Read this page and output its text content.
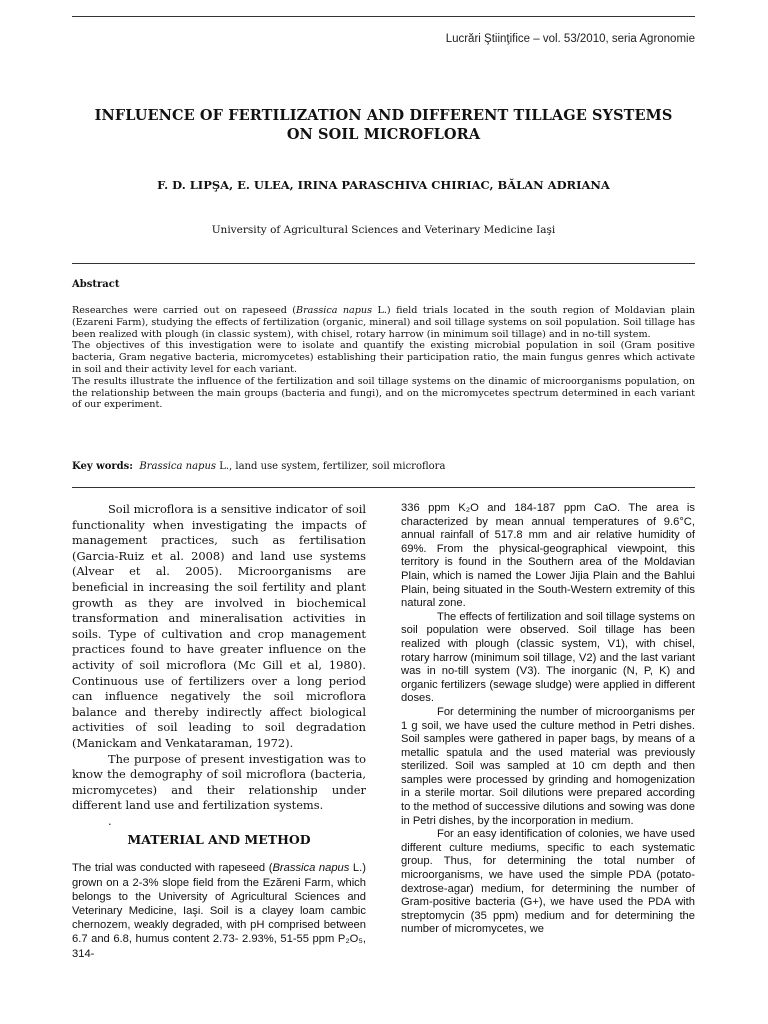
Lucrări Ştiinţifice – vol. 53/2010, seria Agronomie
INFLUENCE OF FERTILIZATION AND DIFFERENT TILLAGE SYSTEMS
ON SOIL MICROFLORA
F. D. LIPŞA, E. ULEA, IRINA PARASCHIVA CHIRIAC, BĂLAN ADRIANA
University of Agricultural Sciences and Veterinary Medicine Iaşi
Abstract

Researches were carried out on rapeseed (Brassica napus L.) field trials located in the south region of Moldavian plain (Ezareni Farm), studying the effects of fertilization (organic, mineral) and soil tillage systems on soil population. Soil tillage has been realized with plough (in classic system), with chisel, rotary harrow (in minimum soil tillage) and in no-till system.

The objectives of this investigation were to isolate and quantify the existing microbial population in soil (Gram positive bacteria, Gram negative bacteria, micromycetes) establishing their participation ratio, the main fungus genres which activate in soil and their activity level for each variant.

The results illustrate the influence of the fertilization and soil tillage systems on the dinamic of microorganisms population, on the relationship between the main groups (bacteria and fungi), and on the micromycetes spectrum determined in each variant of our experiment.

Key words: Brassica napus L., land use system, fertilizer, soil microflora

Soil microflora is a sensitive indicator of soil functionality when investigating the impacts of management practices, such as fertilisation (Garcia-Ruiz et al. 2008) and land use systems (Alvear et al. 2005). Microorganisms are beneficial in increasing the soil fertility and plant growth as they are involved in biochemical transformation and mineralisation activities in soils. Type of cultivation and crop management practices found to have greater influence on the activity of soil microflora (Mc Gill et al, 1980). Continuous use of fertilizers over a long period can influence negatively the soil microflora balance and thereby indirectly affect biological activities of soil leading to soil degradation (Manickam and Venkataraman, 1972).

The purpose of present investigation was to know the demography of soil microflora (bacteria, micromycetes) and their relationship under different land use and fertilization systems.

.

MATERIAL AND METHOD

The trial was conducted with rapeseed (Brassica napus L.) grown on a 2-3% slope field from the Ezăreni Farm, which belongs to the University of Agricultural Sciences and Veterinary Medicine, Iaşi. Soil is a clayey loam cambic chernozem, weakly degraded, with pH comprised between 6.7 and 6.8, humus content 2.73- 2.93%, 51-55 ppm P₂O₅, 314-

336 ppm K₂O and 184-187 ppm CaO. The area is characterized by mean annual temperatures of 9.6°C, annual rainfall of 517.8 mm and air relative humidity of 69%. From the physical-geographical viewpoint, this territory is found in the Southern area of the Moldavian Plain, which is named the Lower Jijia Plain and the Bahlui Plain, being situated in the South-Western extremity of this natural zone.

The effects of fertilization and soil tillage systems on soil population were observed. Soil tillage has been realized with plough (classic system, V1), with chisel, rotary harrow (minimum soil tillage, V2) and the last variant was in no-till system (V3). The inorganic (N, P, K) and organic fertilizers (sewage sludge) were applied in different doses.

For determining the number of microorganisms per 1 g soil, we have used the culture method in Petri dishes. Soil samples were gathered in paper bags, by means of a metallic spatula and the used material was previously sterilized. Soil was sampled at 10 cm depth and then samples were processed by grinding and homogenization in a sterile mortar. Soil dilutions were prepared according to the method of successive dilutions and sowing was done in Petri dishes, by the incorporation in medium.

For an easy identification of colonies, we have used different culture mediums, specific to each systematic group. Thus, for determining the total number of microorganisms, we have used the simple PDA (potato-dextrose-agar) medium, for determining the number of Gram-positive bacteria (G+), we have used the PDA with streptomycin (35 ppm) medium and for determining the number of micromycetes, we
